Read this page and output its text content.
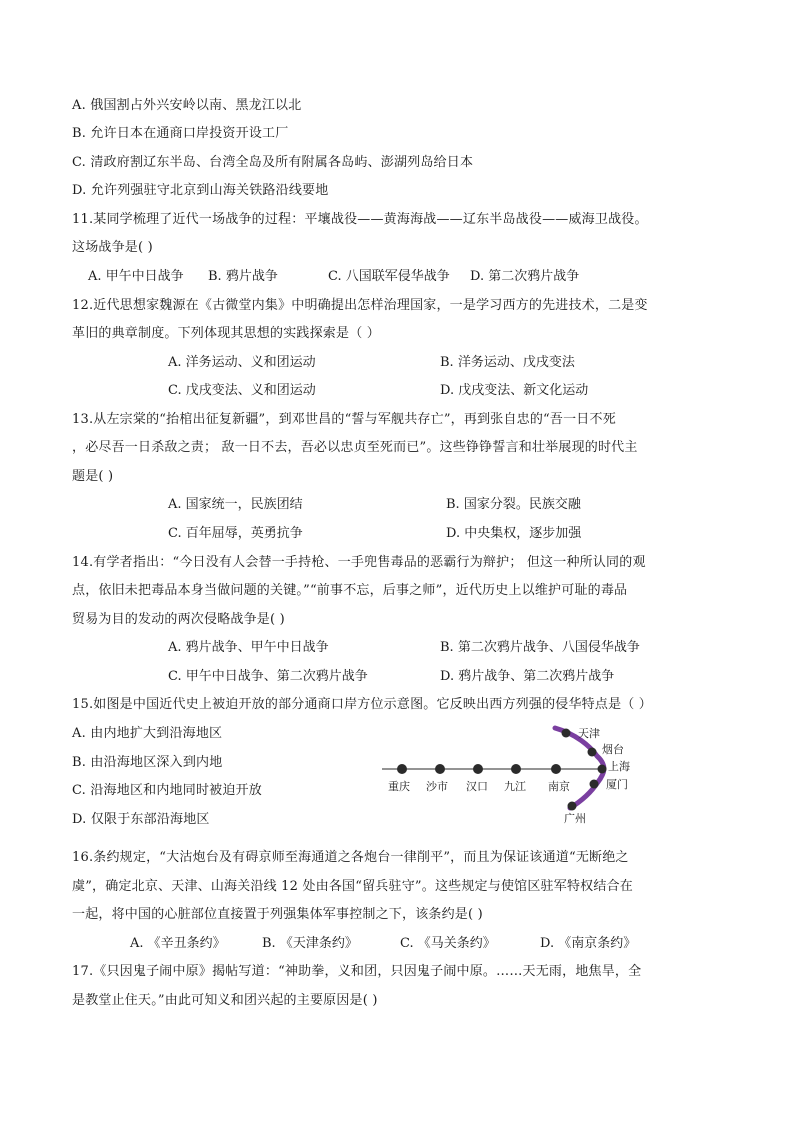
A. 俄国割占外兴安岭以南、黑龙江以北
B. 允许日本在通商口岸投资开设工厂
C. 清政府割辽东半岛、台湾全岛及所有附属各岛屿、澎湖列岛给日本
D. 允许列强驻守北京到山海关铁路沿线要地
11.某同学梳理了近代一场战争的过程：平壤战役——黄海海战——辽东半岛战役——威海卫战役。
这场战争是( )
A. 甲午中日战争 B. 鸦片战争	C. 八国联军侵华战争 D. 第二次鸦片战争
12.近代思想家魏源在《古微堂内集》中明确提出怎样治理国家，一是学习西方的先进技术，二是变
革旧的典章制度。下列体现其思想的实践探索是（ ）
A. 洋务运动、义和团运动	B. 洋务运动、戊戌变法
C. 戊戌变法、义和团运动	D. 戊戌变法、新文化运动
13.从左宗棠的“抬棺出征复新疆”，到邓世昌的“誓与军舰共存亡”，再到张自忠的“吾一日不死
，必尽吾一日杀敌之责； 敌一日不去，吾必以忠贞至死而已”。这些铮铮誓言和壮举展现的时代主
题是( )
A. 国家统一，民族团结	B. 国家分裂。民族交融
C. 百年屈辱，英勇抗争	D. 中央集权，逐步加强
14.有学者指出：“今日没有人会替一手持枪、一手兜售毒品的恶霸行为辩护； 但这一种所认同的观
点，依旧未把毒品本身当做问题的关键。”“前事不忘，后事之师”，近代历史上以维护可耻的毒品
贸易为目的发动的两次侵略战争是( )
A. 鸦片战争、甲午中日战争	B. 第二次鸦片战争、八国侵华战争
C. 甲午中日战争、第二次鸦片战争	D. 鸦片战争、第二次鸦片战争
15.如图是中国近代史上被迫开放的部分通商口岸方位示意图。它反映出西方列强的侵华特点是（ ）
A. 由内地扩大到沿海地区
B. 由沿海地区深入到内地
C. 沿海地区和内地同时被迫开放
D. 仅限于东部沿海地区
重庆 沙市 汉口 九江 南京
天津
烟台
上海
厦门
广州
16.条约规定，“大沽炮台及有碍京师至海通道之各炮台一律削平”，而且为保证该通道“无断绝之
虞”，确定北京、天津、山海关沿线 12 处由各国“留兵驻守”。这些规定与使馆区驻军特权结合在
一起，将中国的心脏部位直接置于列强集体军事控制之下，该条约是( )
A. 《辛丑条约》	B. 《天津条约》	C. 《马关条约》	D. 《南京条约》
17.《只因鬼子闹中原》揭帖写道：“神助拳，义和团，只因鬼子闹中原。……天无雨，地焦旱，全
是教堂止住天。”由此可知义和团兴起的主要原因是( )
